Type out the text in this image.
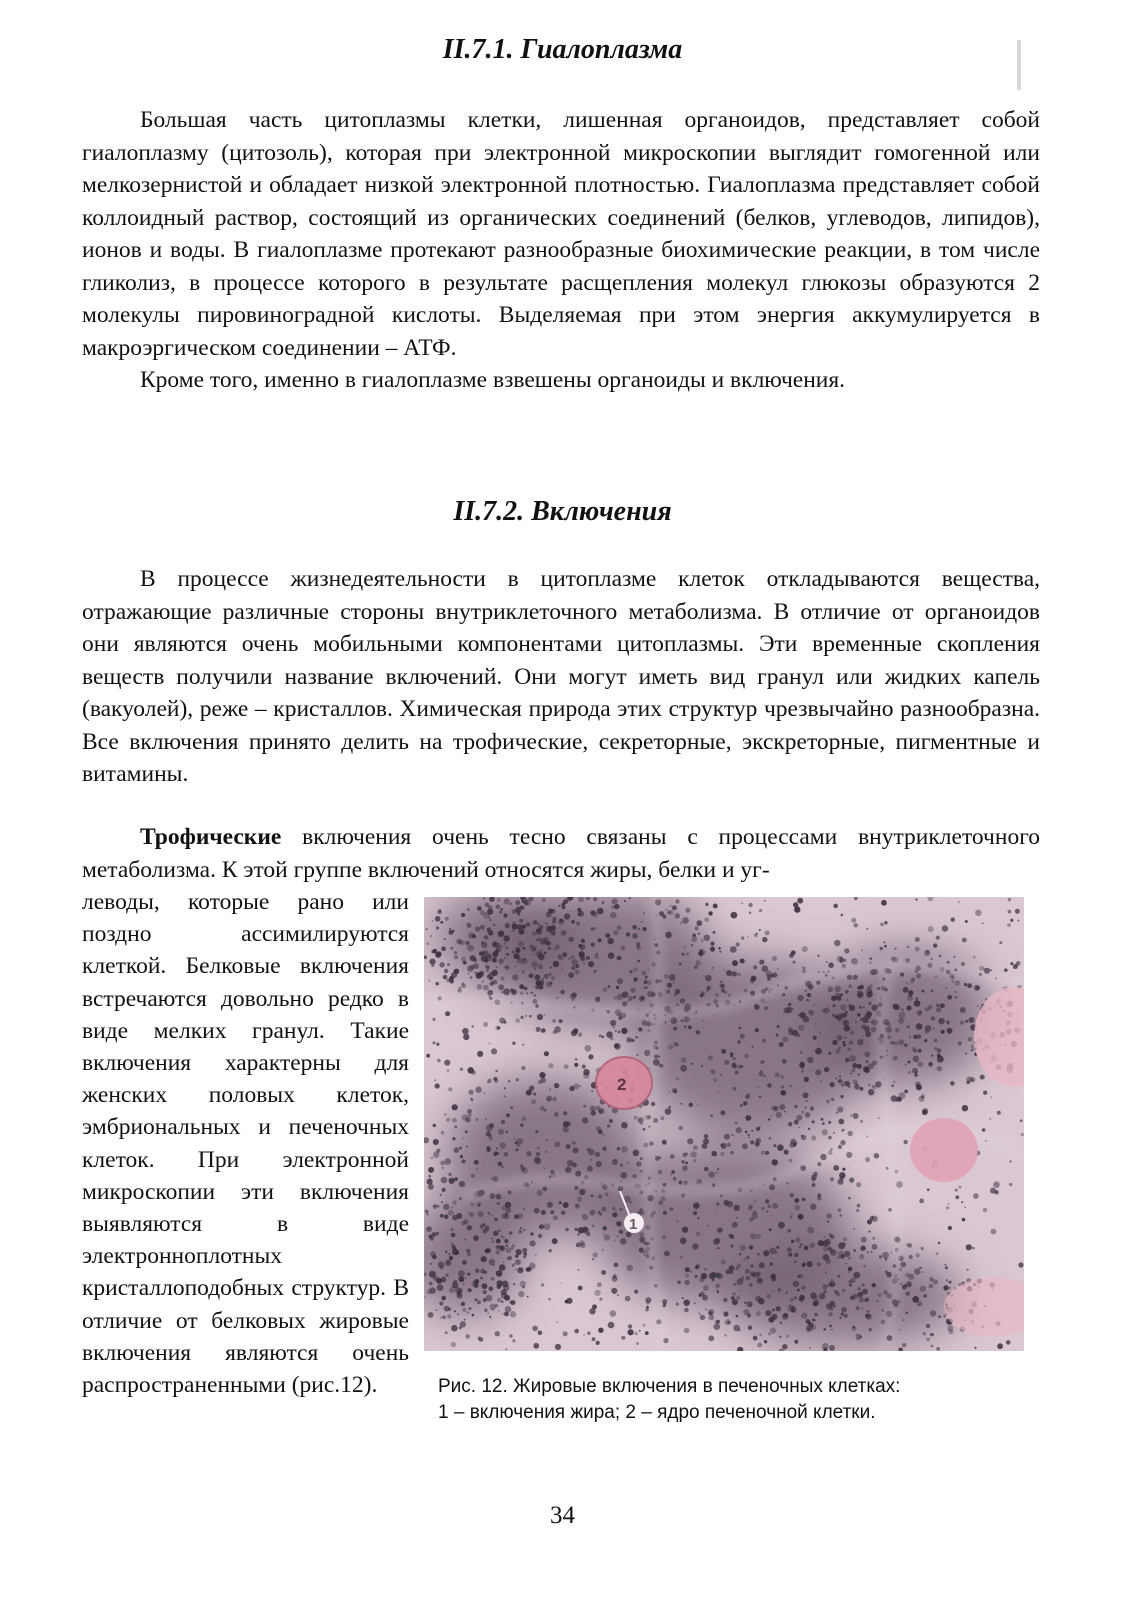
II.7.1. Гиалоплазма

Большая часть цитоплазмы клетки, лишенная органоидов, представляет собой гиалоплазму (цитозоль), которая при электронной микроскопии выглядит гомогенной или мелкозернистой и обладает низкой электронной плотностью. Гиалоплазма представляет собой коллоидный раствор, состоящий из органических соединений (белков, углеводов, липидов), ионов и воды. В гиалоплазме протекают разнообразные биохимические реакции, в том числе гликолиз, в процессе которого в результате расщепления молекул глюкозы образуются 2 молекулы пировиноградной кислоты. Выделяемая при этом энергия аккумулируется в макроэргическом соединении – АТФ.

Кроме того, именно в гиалоплазме взвешены органоиды и включения.

II.7.2. Включения

В процессе жизнедеятельности в цитоплазме клеток откладываются вещества, отражающие различные стороны внутриклеточного метаболизма. В отличие от органоидов они являются очень мобильными компонентами цитоплазмы. Эти временные скопления веществ получили название включений. Они могут иметь вид гранул или жидких капель (вакуолей), реже – кристаллов. Химическая природа этих структур чрезвычайно разнообразна. Все включения принято делить на трофические, секреторные, экскреторные, пигментные и витамины.

Трофические включения очень тесно связаны с процессами внутриклеточного метаболизма. К этой группе включений относятся жиры, белки и уг-

леводы, которые рано или поздно ассимилируются клеткой. Белковые включения встречаются довольно редко в виде мелких гранул. Такие включения характерны для женских половых клеток, эмбриональных и печеночных клеток. При электронной микроскопии эти включения выявляются в виде электронноплотных кристаллоподобных структур. В отличие от белковых жировые включения являются очень распространенными (рис.12).
2
1
Рис. 12. Жировые включения в печеночных клетках:
1 – включения жира; 2 – ядро печеночной клетки.
34
